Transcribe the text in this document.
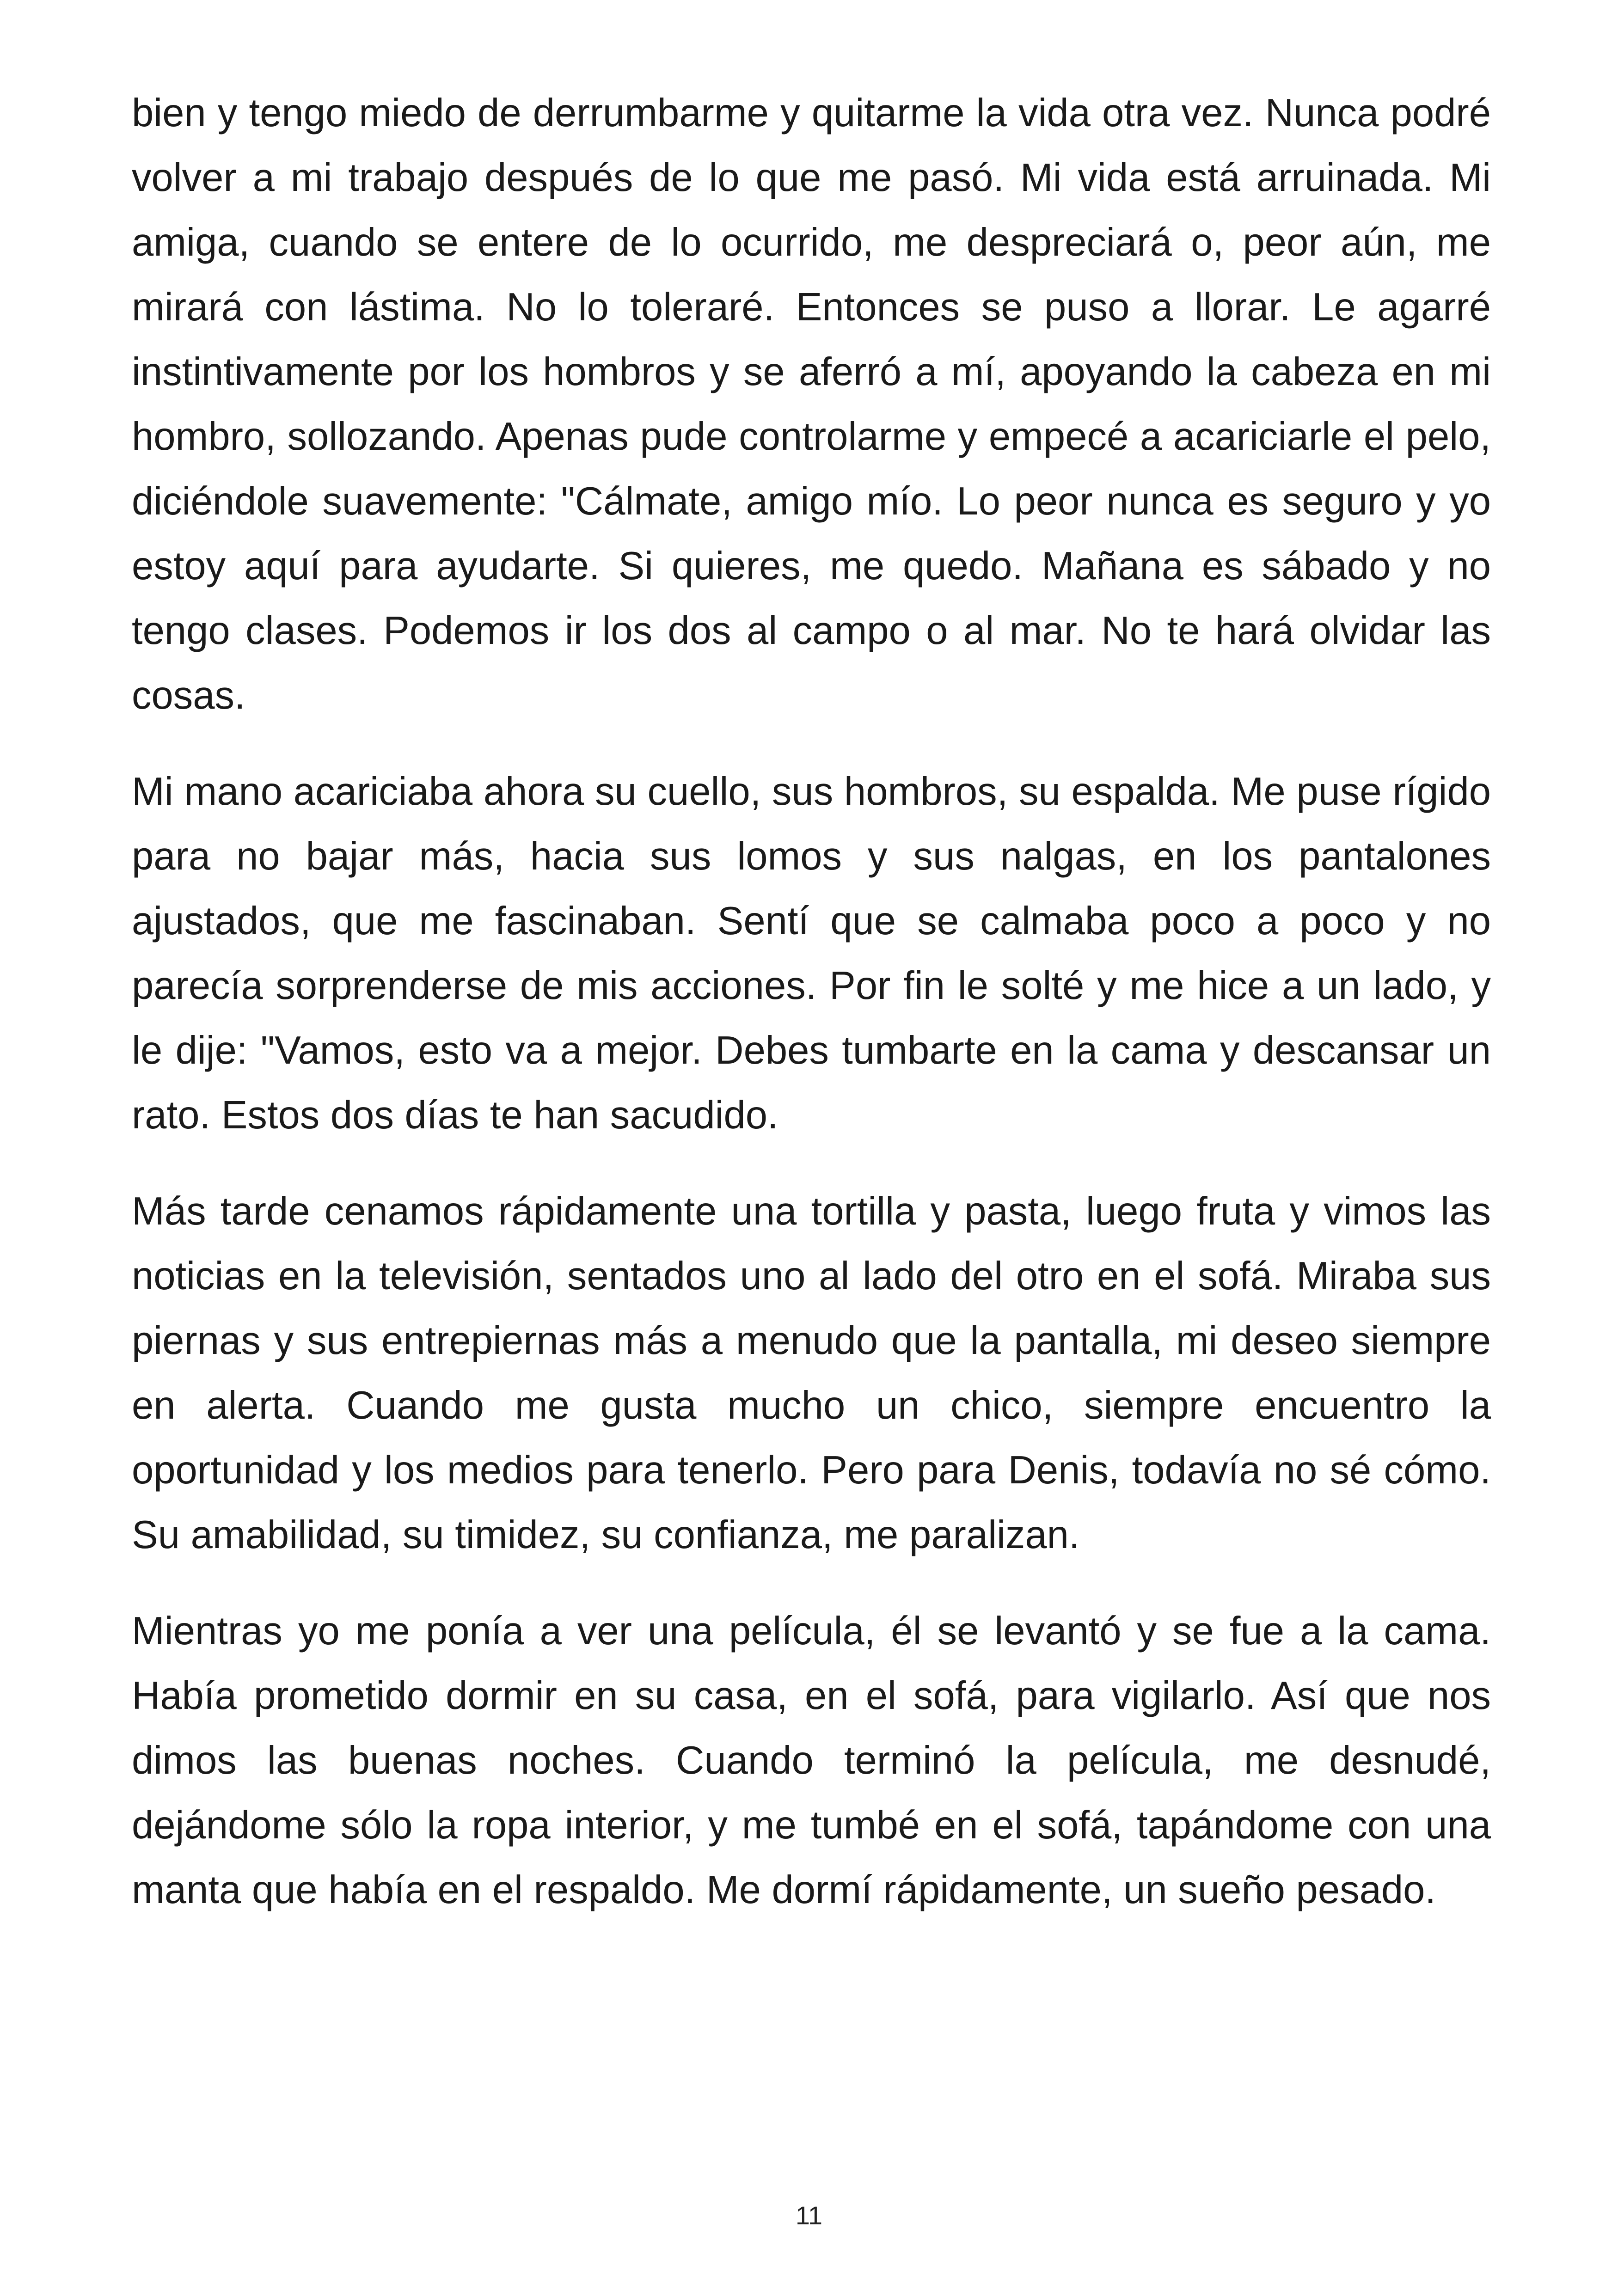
bien y tengo miedo de derrumbarme y quitarme la vida otra vez. Nunca podré volver a mi trabajo después de lo que me pasó. Mi vida está arruinada. Mi amiga, cuando se entere de lo ocurrido, me despreciará o, peor aún, me mirará con lástima. No lo toleraré. Entonces se puso a llorar. Le agarré instintivamente por los hombros y se aferró a mí, apoyando la cabeza en mi hombro, sollozando. Apenas pude controlarme y empecé a acariciarle el pelo, diciéndole suavemente: "Cálmate, amigo mío. Lo peor nunca es seguro y yo estoy aquí para ayudarte. Si quieres, me quedo. Mañana es sábado y no tengo clases. Podemos ir los dos al campo o al mar. No te hará olvidar las cosas.

Mi mano acariciaba ahora su cuello, sus hombros, su espalda. Me puse rígido para no bajar más, hacia sus lomos y sus nalgas, en los pantalones ajustados, que me fascinaban. Sentí que se calmaba poco a poco y no parecía sorprenderse de mis acciones. Por fin le solté y me hice a un lado, y le dije: "Vamos, esto va a mejor. Debes tumbarte en la cama y descansar un rato. Estos dos días te han sacudido.

Más tarde cenamos rápidamente una tortilla y pasta, luego fruta y vimos las noticias en la televisión, sentados uno al lado del otro en el sofá. Miraba sus piernas y sus entrepiernas más a menudo que la pantalla, mi deseo siempre en alerta. Cuando me gusta mucho un chico, siempre encuentro la oportunidad y los medios para tenerlo. Pero para Denis, todavía no sé cómo. Su amabilidad, su timidez, su confianza, me paralizan.

Mientras yo me ponía a ver una película, él se levantó y se fue a la cama. Había prometido dormir en su casa, en el sofá, para vigilarlo. Así que nos dimos las buenas noches. Cuando terminó la película, me desnudé, dejándome sólo la ropa interior, y me tumbé en el sofá, tapándome con una manta que había en el respaldo. Me dormí rápidamente, un sueño pesado.

11
